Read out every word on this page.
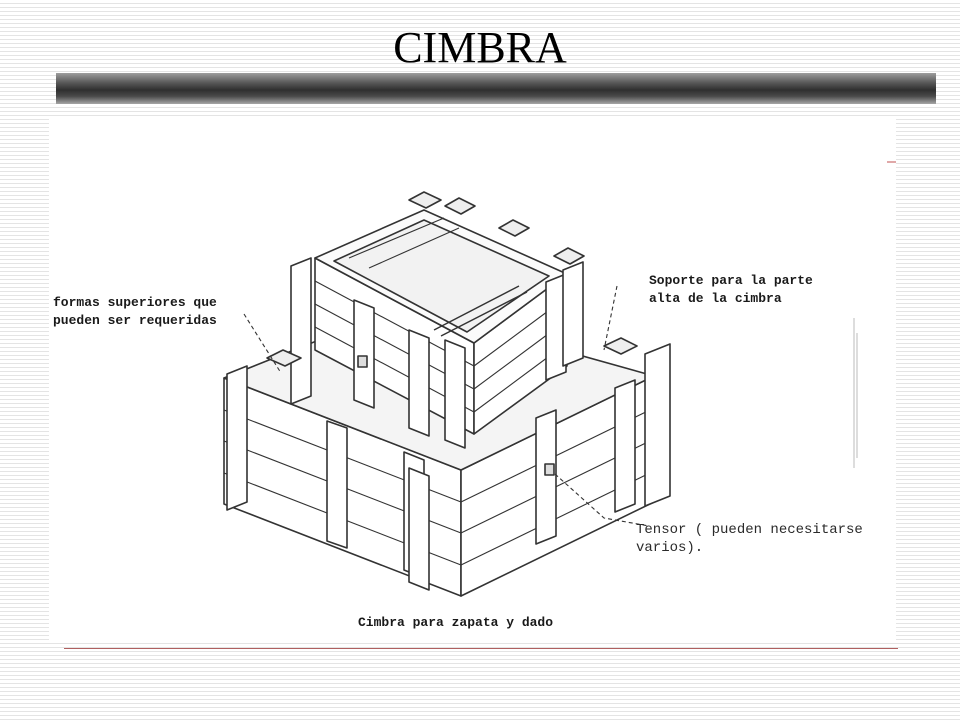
CIMBRA
formas superiores que
pueden ser requeridas
Soporte para la parte
alta de la cimbra
Tensor ( pueden necesitarse
varios).
Cimbra para zapata y dado
